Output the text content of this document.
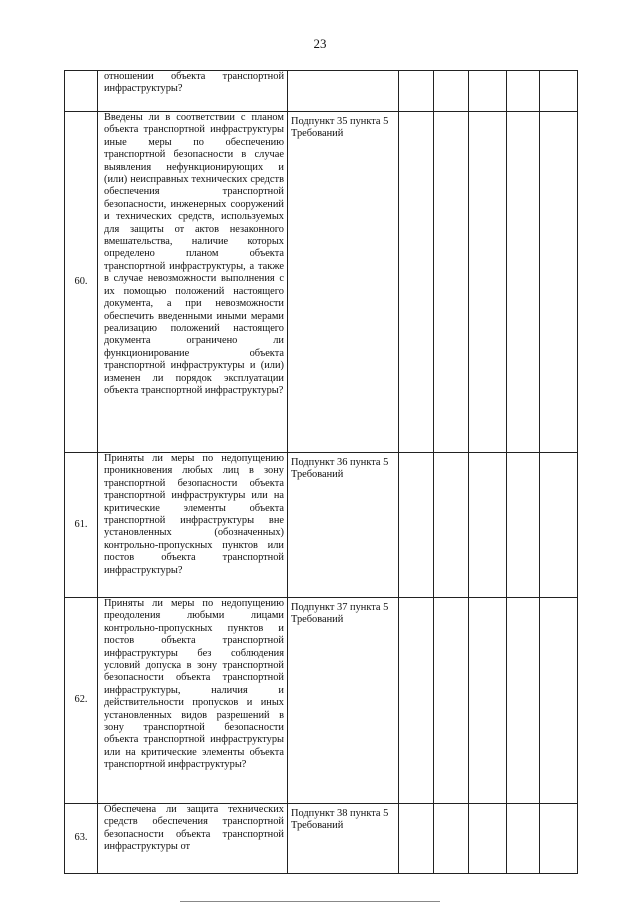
23

	отношении объекта транспортной инфраструктуры?						

60.	Введены ли в соответствии с планом объекта транспортной инфраструктуры иные меры по обеспечению транспортной безопасности в случае выявления нефункционирующих и (или) неисправных технических средств обеспечения транспортной безопасности, инженерных сооружений и технических средств, используемых для защиты от актов незаконного вмешательства, наличие которых определено планом объекта транспортной инфраструктуры, а также в случае невозможности выполнения с их помощью положений настоящего документа, а при невозможности обеспечить введенными иными мерами реализацию положений настоящего документа ограничено ли функционирование объекта транспортной инфраструктуры и (или) изменен ли порядок эксплуатации объекта транспортной инфраструктуры?	Подпункт 35 пункта 5 Требований					
61.	Приняты ли меры по недопущению проникновения любых лиц в зону транспортной безопасности объекта транспортной инфраструктуры или на критические элементы объекта транспортной инфраструктуры вне установленных (обозначенных) контрольно-пропускных пунктов или постов объекта транспортной инфраструктуры?	Подпункт 36 пункта 5 Требований					
62.	Приняты ли меры по недопущению преодоления любыми лицами контрольно-пропускных пунктов и постов объекта транспортной инфраструктуры без соблюдения условий допуска в зону транспортной безопасности объекта транспортной инфраструктуры, наличия и действительности пропусков и иных установленных видов разрешений в зону транспортной безопасности объекта транспортной инфраструктуры или на критические элементы объекта транспортной инфраструктуры?	Подпункт 37 пункта 5 Требований					
63.	Обеспечена ли защита технических средств обеспечения транспортной безопасности объекта транспортной инфраструктуры от	Подпункт 38 пункта 5 Требований					
